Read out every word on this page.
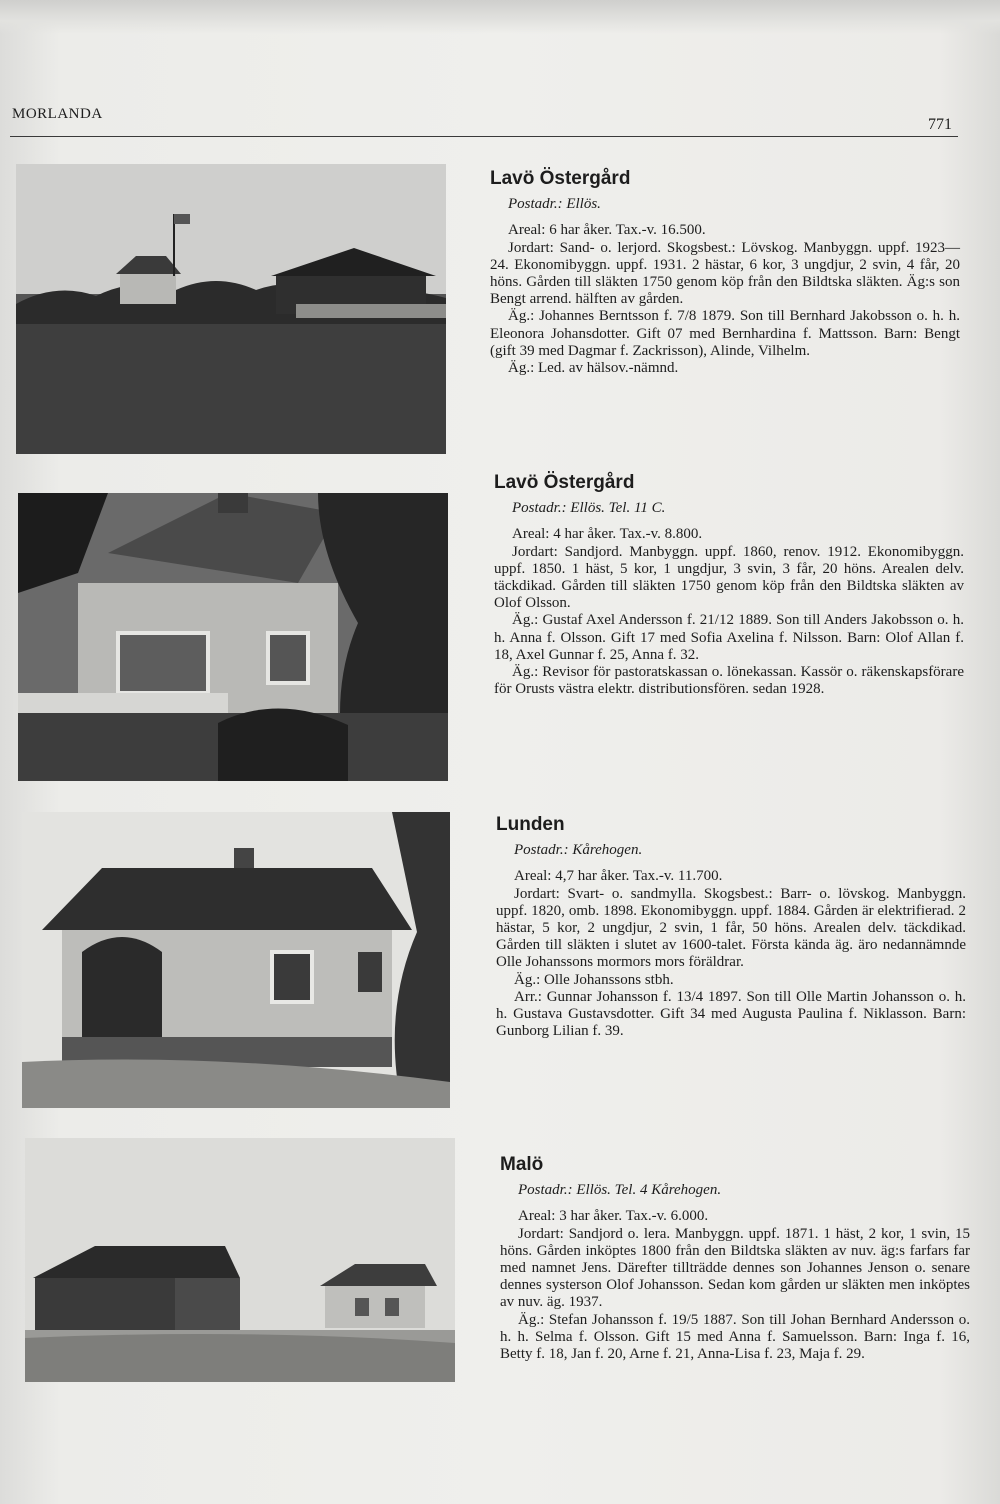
MORLANDA
771
Lavö Östergård
Postadr.: Ellös.

Areal: 6 har åker. Tax.-v. 16.500.

Jordart: Sand- o. lerjord. Skogsbest.: Lövskog. Manbyggn. uppf. 1923—24. Ekonomibyggn. uppf. 1931. 2 hästar, 6 kor, 3 ungdjur, 2 svin, 4 får, 20 höns. Gården till släkten 1750 genom köp från den Bildtska släkten. Äg:s son Bengt arrend. hälften av gården.

Äg.: Johannes Berntsson f. 7/8 1879. Son till Bernhard Jakobsson o. h. h. Eleonora Johansdotter. Gift 07 med Bernhardina f. Mattsson. Barn: Bengt (gift 39 med Dagmar f. Zackrisson), Alinde, Vilhelm.

Äg.: Led. av hälsov.-nämnd.

Lavö Östergård
Postadr.: Ellös. Tel. 11 C.

Areal: 4 har åker. Tax.-v. 8.800.

Jordart: Sandjord. Manbyggn. uppf. 1860, renov. 1912. Ekonomibyggn. uppf. 1850. 1 häst, 5 kor, 1 ungdjur, 3 svin, 3 får, 20 höns. Arealen delv. täckdikad. Gården till släkten 1750 genom köp från den Bildtska släkten av Olof Olsson.

Äg.: Gustaf Axel Andersson f. 21/12 1889. Son till Anders Jakobsson o. h. h. Anna f. Olsson. Gift 17 med Sofia Axelina f. Nilsson. Barn: Olof Allan f. 18, Axel Gunnar f. 25, Anna f. 32.

Äg.: Revisor för pastoratskassan o. lönekassan. Kassör o. räkenskapsförare för Orusts västra elektr. distributionsfören. sedan 1928.

Lunden
Postadr.: Kårehogen.

Areal: 4,7 har åker. Tax.-v. 11.700.

Jordart: Svart- o. sandmylla. Skogsbest.: Barr- o. lövskog. Manbyggn. uppf. 1820, omb. 1898. Ekonomibyggn. uppf. 1884. Gården är elektrifierad. 2 hästar, 5 kor, 2 ungdjur, 2 svin, 1 får, 50 höns. Arealen delv. täckdikad. Gården till släkten i slutet av 1600-talet. Första kända äg. äro nedannämnde Olle Johanssons mormors mors föräldrar.

Äg.: Olle Johanssons stbh.

Arr.: Gunnar Johansson f. 13/4 1897. Son till Olle Martin Johansson o. h. h. Gustava Gustavsdotter. Gift 34 med Augusta Paulina f. Niklasson. Barn: Gunborg Lilian f. 39.

Malö
Postadr.: Ellös. Tel. 4 Kårehogen.

Areal: 3 har åker. Tax.-v. 6.000.

Jordart: Sandjord o. lera. Manbyggn. uppf. 1871. 1 häst, 2 kor, 1 svin, 15 höns. Gården inköptes 1800 från den Bildtska släkten av nuv. äg:s farfars far med namnet Jens. Därefter tillträdde dennes son Johannes Jenson o. senare dennes systerson Olof Johansson. Sedan kom gården ur släkten men inköptes av nuv. äg. 1937.

Äg.: Stefan Johansson f. 19/5 1887. Son till Johan Bernhard Andersson o. h. h. Selma f. Olsson. Gift 15 med Anna f. Samuelsson. Barn: Inga f. 16, Betty f. 18, Jan f. 20, Arne f. 21, Anna-Lisa f. 23, Maja f. 29.
